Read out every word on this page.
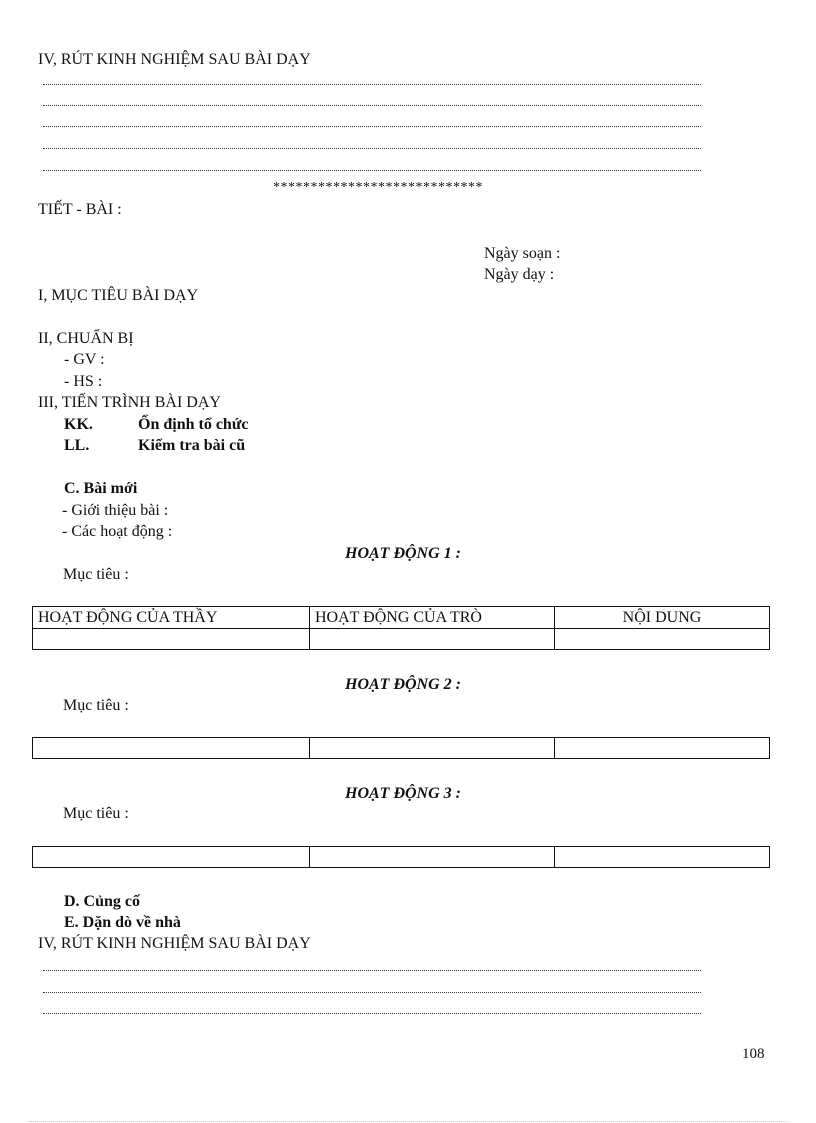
IV, RÚT KINH NGHIỆM SAU BÀI DẠY
****************************
TIẾT - BÀI :
Ngày soạn :
Ngày dạy :
I, MỤC TIÊU BÀI DẠY
II, CHUẨN BỊ
- GV :
- HS :
III, TIẾN TRÌNH BÀI DẠY
KK.	Ổn định tổ chức
LL.	Kiểm tra bài cũ
C. Bài mới
- Giới thiệu bài :
- Các hoạt động :
HOẠT ĐỘNG 1 :
Mục tiêu :
HOẠT ĐỘNG CỦA THẦY	HOẠT ĐỘNG CỦA TRÒ	NỘI DUNG

HOẠT ĐỘNG 2 :
Mục tiêu :

HOẠT ĐỘNG 3 :
Mục tiêu :

D. Củng cố
E. Dặn dò về nhà
IV, RÚT KINH NGHIỆM SAU BÀI DẠY
108
